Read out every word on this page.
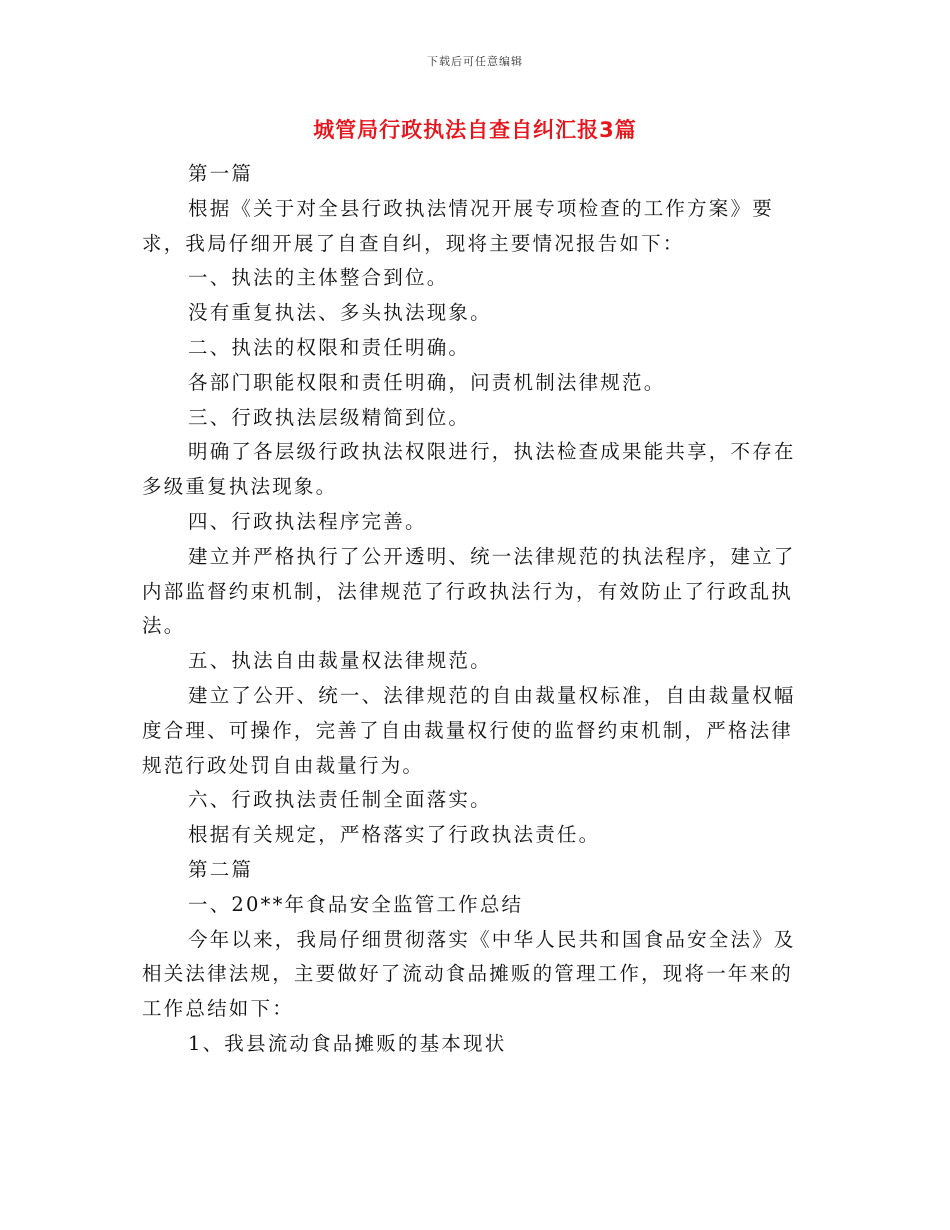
下载后可任意编辑
城管局行政执法自查自纠汇报3篇

第一篇

根据《关于对全县行政执法情况开展专项检查的工作方案》要求，我局仔细开展了自查自纠，现将主要情况报告如下：

一、执法的主体整合到位。

没有重复执法、多头执法现象。

二、执法的权限和责任明确。

各部门职能权限和责任明确，问责机制法律规范。

三、行政执法层级精简到位。

明确了各层级行政执法权限进行，执法检查成果能共享，不存在多级重复执法现象。

四、行政执法程序完善。

建立并严格执行了公开透明、统一法律规范的执法程序，建立了内部监督约束机制，法律规范了行政执法行为，有效防止了行政乱执法。

五、执法自由裁量权法律规范。

建立了公开、统一、法律规范的自由裁量权标准，自由裁量权幅度合理、可操作，完善了自由裁量权行使的监督约束机制，严格法律规范行政处罚自由裁量行为。

六、行政执法责任制全面落实。

根据有关规定，严格落实了行政执法责任。

第二篇

一、20**年食品安全监管工作总结

今年以来，我局仔细贯彻落实《中华人民共和国食品安全法》及相关法律法规，主要做好了流动食品摊贩的管理工作，现将一年来的工作总结如下：

1、我县流动食品摊贩的基本现状
